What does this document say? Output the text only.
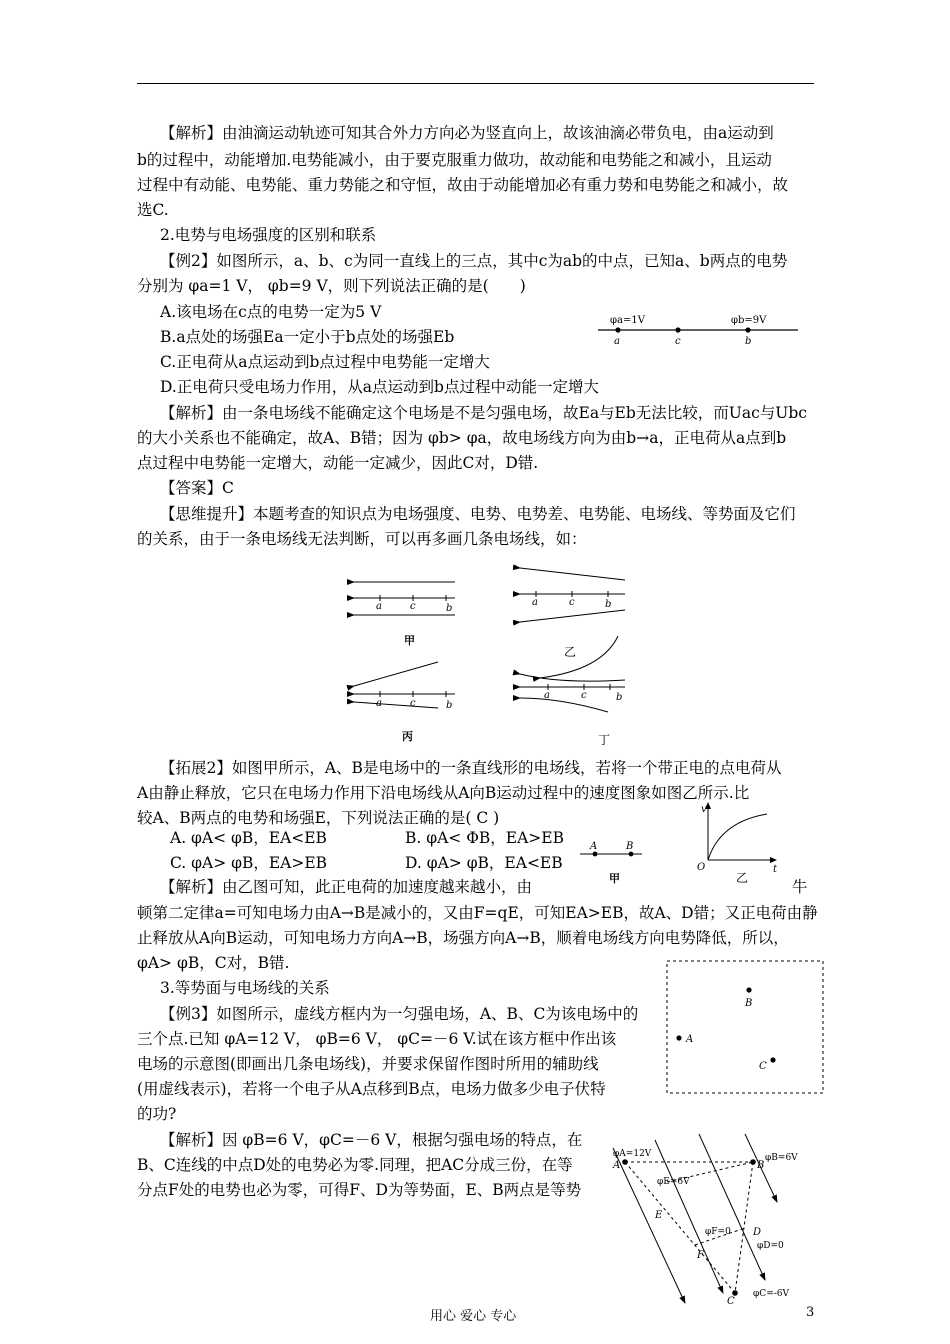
【解析】由油滴运动轨迹可知其合外力方向必为竖直向上，故该油滴必带负电，由a运动到
b的过程中，动能增加.电势能减小，由于要克服重力做功，故动能和电势能之和减小，且运动
过程中有动能、电势能、重力势能之和守恒，故由于动能增加必有重力势和电势能之和减小，故
选C.
2.电势与电场强度的区别和联系
【例2】如图所示，a、b、c为同一直线上的三点，其中c为ab的中点，已知a、b两点的电势
分别为 φa=1 V， φb=9 V，则下列说法正确的是(　　)
A.该电场在c点的电势一定为5 V
B.a点处的场强Ea一定小于b点处的场强Eb
C.正电荷从a点运动到b点过程中电势能一定增大
D.正电荷只受电场力作用，从a点运动到b点过程中动能一定增大
【解析】由一条电场线不能确定这个电场是不是匀强电场，故Ea与Eb无法比较，而Uac与Ubc
的大小关系也不能确定，故A、B错；因为 φb> φa，故电场线方向为由b→a，正电荷从a点到b
点过程中电势能一定增大，动能一定减少，因此C对，D错.
【答案】C
【思维提升】本题考查的知识点为电场强度、电势、电势差、电势能、电场线、等势面及它们
的关系，由于一条电场线无法判断，可以再多画几条电场线，如：
【拓展2】如图甲所示，A、B是电场中的一条直线形的电场线，若将一个带正电的点电荷从
A由静止释放，它只在电场力作用下沿电场线从A向B运动过程中的速度图象如图乙所示.比
较A、B两点的电势和场强E，下列说法正确的是( C )
A. φA< φB，EA<EB	B. φA< ΦB，EA>EB
C. φA> φB，EA>EB	D. φA> φB，EA<EB
【解析】由乙图可知，此正电荷的加速度越来越小，由	牛
顿第二定律a=可知电场力由A→B是减小的，又由F=qE，可知EA>EB，故A、D错；又正电荷由静
止释放从A向B运动，可知电场力方向A→B，场强方向A→B，顺着电场线方向电势降低，所以，
φA> φB，C对，B错.
3.等势面与电场线的关系
【例3】如图所示，虚线方框内为一匀强电场，A、B、C为该电场中的
三个点.已知 φA=12 V， φB=6 V， φC=－6 V.试在该方框中作出该
电场的示意图(即画出几条电场线)，并要求保留作图时所用的辅助线
(用虚线表示)，若将一个电子从A点移到B点，电场力做多少电子伏特
的功?
【解析】因 φB=6 V，φC=－6 V，根据匀强电场的特点，在
B、C连线的中点D处的电势必为零.同理，把AC分成三份，在等
分点F处的电势也必为零，可得F、D为等势面，E、B两点是等势
φa=1V	φb=9V
a	c	b
a	c	b
甲
a	c	b
乙
a	c	b
丙
a	c	b
丁
A	B
甲
v
O	t
乙
B
A
C
φA=12V
A	B
φB=6V
φE=6V
E
D
φF=0
φD=0
F
C
φC=-6V
用心 爱心 专心	3
